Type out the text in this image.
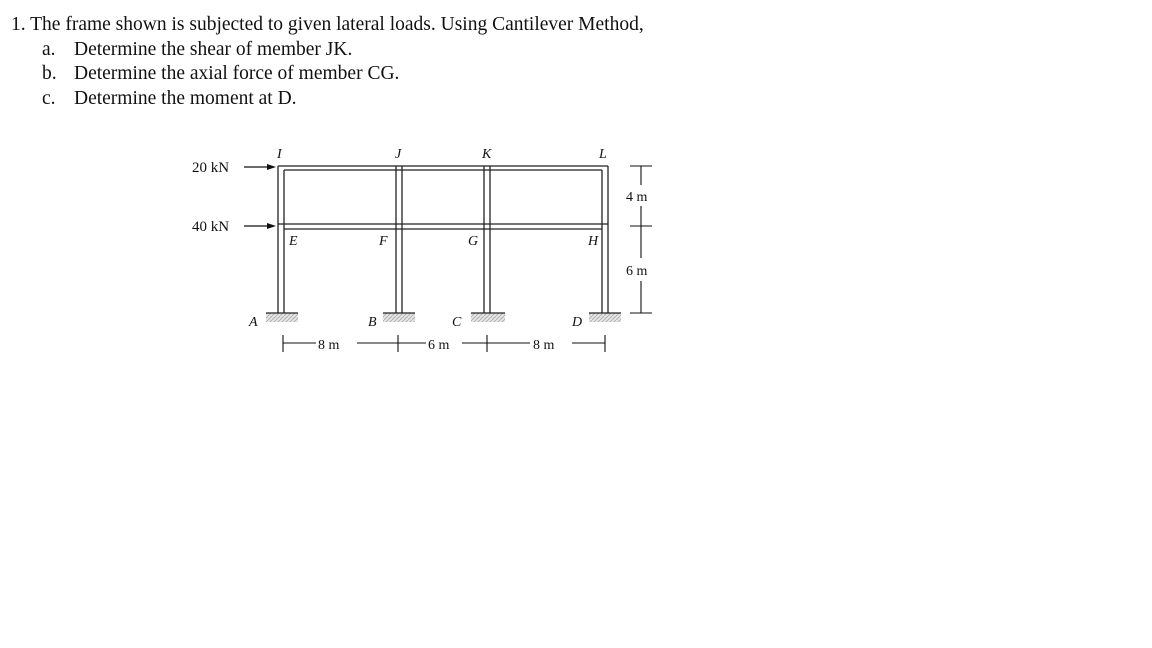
1. The frame shown is subjected to given lateral loads. Using Cantilever Method,

a. Determine the shear of member JK.

b. Determine the axial force of member CG.

c. Determine the moment at D.

20 kN
40 kN
I	J	K	L
E	F	G	H
A	B	C	D
8 m	6 m	8 m
4 m
6 m
